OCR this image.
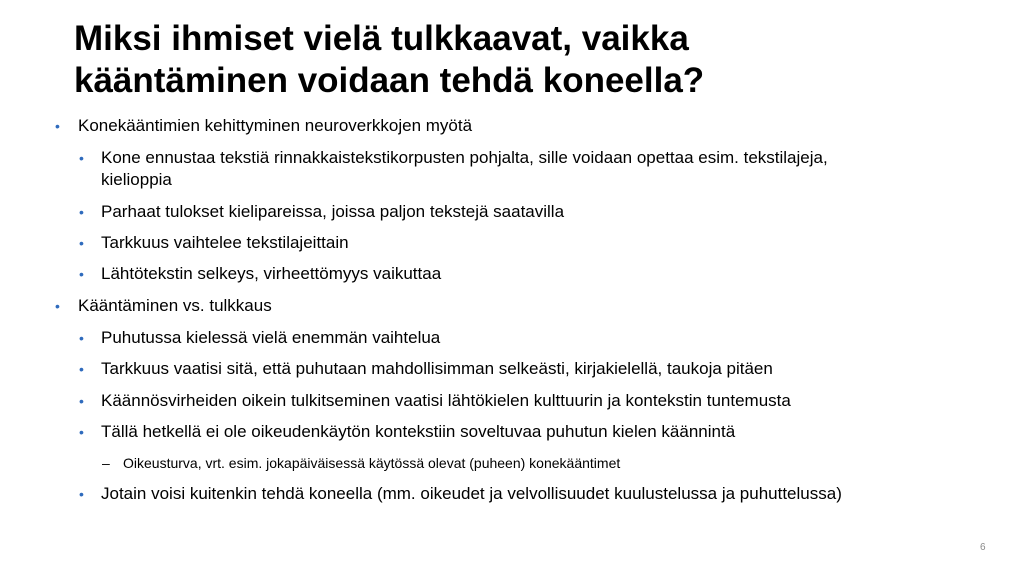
Miksi ihmiset vielä tulkkaavat, vaikka
kääntäminen voidaan tehdä koneella?
• Konekääntimien kehittyminen neuroverkkojen myötä
• Kone ennustaa tekstiä rinnakkaistekstikorpusten pohjalta, sille voidaan opettaa esim. tekstilajeja,
kielioppia
• Parhaat tulokset kielipareissa, joissa paljon tekstejä saatavilla
• Tarkkuus vaihtelee tekstilajeittain
• Lähtötekstin selkeys, virheettömyys vaikuttaa
• Kääntäminen vs. tulkkaus
• Puhutussa kielessä vielä enemmän vaihtelua
• Tarkkuus vaatisi sitä, että puhutaan mahdollisimman selkeästi, kirjakielellä, taukoja pitäen
• Käännösvirheiden oikein tulkitseminen vaatisi lähtökielen kulttuurin ja kontekstin tuntemusta
• Tällä hetkellä ei ole oikeudenkäytön kontekstiin soveltuvaa puhutun kielen käännintä
– Oikeusturva, vrt. esim. jokapäiväisessä käytössä olevat (puheen) konekääntimet
• Jotain voisi kuitenkin tehdä koneella (mm. oikeudet ja velvollisuudet kuulustelussa ja puhuttelussa)
6
